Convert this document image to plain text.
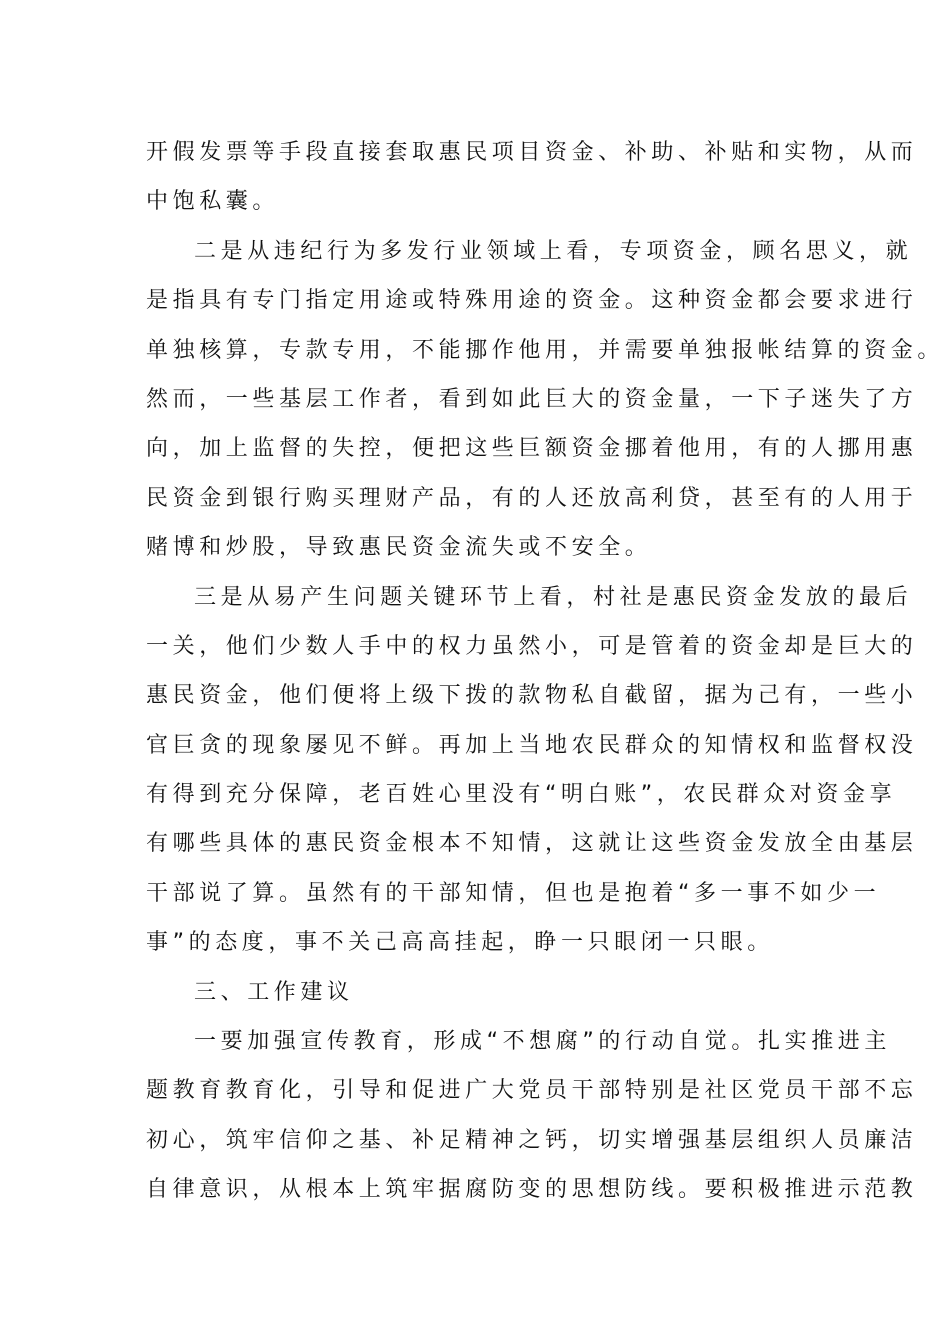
开假发票等手段直接套取惠民项目资金、补助、补贴和实物，从而
中饱私囊。
二是从违纪行为多发行业领域上看，专项资金，顾名思义，就
是指具有专门指定用途或特殊用途的资金。这种资金都会要求进行
单独核算，专款专用，不能挪作他用，并需要单独报帐结算的资金。
然而，一些基层工作者，看到如此巨大的资金量，一下子迷失了方
向，加上监督的失控，便把这些巨额资金挪着他用，有的人挪用惠
民资金到银行购买理财产品，有的人还放高利贷，甚至有的人用于
赌博和炒股，导致惠民资金流失或不安全。
三是从易产生问题关键环节上看，村社是惠民资金发放的最后
一关，他们少数人手中的权力虽然小，可是管着的资金却是巨大的
惠民资金，他们便将上级下拨的款物私自截留，据为己有，一些小
官巨贪的现象屡见不鲜。再加上当地农民群众的知情权和监督权没
有得到充分保障，老百姓心里没有“明白账”，农民群众对资金享
有哪些具体的惠民资金根本不知情，这就让这些资金发放全由基层
干部说了算。虽然有的干部知情，但也是抱着“多一事不如少一
事”的态度，事不关己高高挂起，睁一只眼闭一只眼。
三、工作建议
一要加强宣传教育，形成“不想腐”的行动自觉。扎实推进主
题教育教育化，引导和促进广大党员干部特别是社区党员干部不忘
初心，筑牢信仰之基、补足精神之钙，切实增强基层组织人员廉洁
自律意识，从根本上筑牢据腐防变的思想防线。要积极推进示范教
